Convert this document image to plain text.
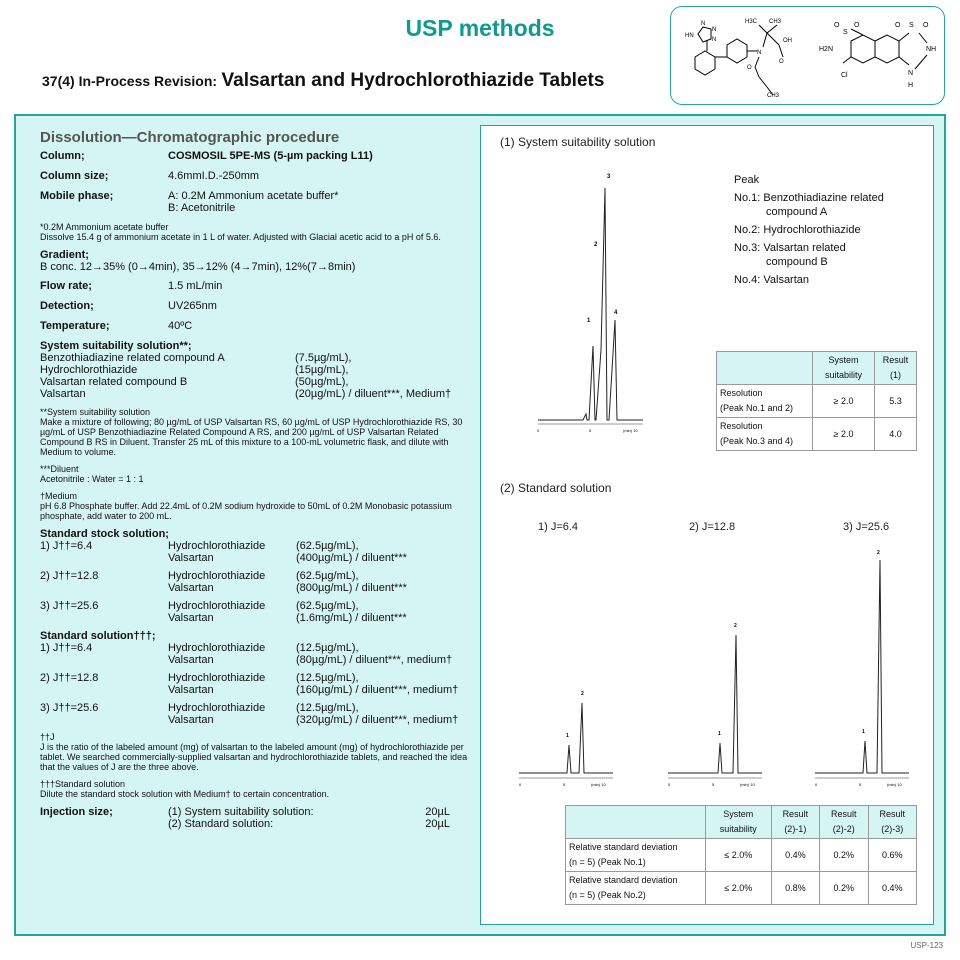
USP methods
37(4) In-Process Revision: Valsartan and Hydrochlorothiazide Tablets
H3C CH3
OH
O
N
O
CH3
N
N
N
HN
O
S
O	O S O
H2N	NH
Cl	N
H
Dissolution—Chromatographic procedure
Column;	COSMOSIL 5PE-MS (5-µm packing L11)
Column size;	4.6mmI.D.-250mm
Mobile phase;	A: 0.2M Ammonium acetate buffer*
B: Acetonitrile
*0.2M Ammonium acetate buffer
Dissolve 15.4 g of ammonium acetate in 1 L of water. Adjusted with Glacial acetic acid to a pH of 5.6.
Gradient;
B conc. 12→35% (0→4min), 35→12% (4→7min), 12%(7→8min)
Flow rate;	1.5 mL/min
Detection;	UV265nm
Temperature;	40ºC
System suitability solution**;
Benzothiadiazine related compound A	(7.5µg/mL),
Hydrochlorothiazide	(15µg/mL),
Valsartan related compound B	(50µg/mL),
Valsartan	(20µg/mL) / diluent***, Medium†
**System suitability solution
Make a mixture of following; 80 µg/mL of USP Valsartan RS, 60 µg/mL of USP Hydrochlorothiazide RS, 30 µg/mL of USP Benzothiadiazine Related Compound A RS, and 200 µg/mL of USP Valsartan Related Compound B RS in Diluent. Transfer 25 mL of this mixture to a 100-mL volumetric flask, and dilute with Medium to volume.
***Diluent
Acetonitrile : Water = 1 : 1
†Medium
pH 6.8 Phosphate buffer. Add 22.4mL of 0.2M sodium hydroxide to 50mL of 0.2M Monobasic potassium phosphate, add water to 200 mL.
Standard stock solution;
1) J††=6.4	Hydrochlorothiazide	(62.5µg/mL),
Valsartan	(400µg/mL) / diluent***
2) J††=12.8	Hydrochlorothiazide	(62.5µg/mL),
Valsartan	(800µg/mL) / diluent***
3) J††=25.6	Hydrochlorothiazide	(62.5µg/mL),
Valsartan	(1.6mg/mL) / diluent***
Standard solution†††;
1) J††=6.4	Hydrochlorothiazide	(12.5µg/mL),
Valsartan	(80µg/mL) / diluent***, medium†
2) J††=12.8	Hydrochlorothiazide	(12.5µg/mL),
Valsartan	(160µg/mL) / diluent***, medium†
3) J††=25.6	Hydrochlorothiazide	(12.5µg/mL),
Valsartan	(320µg/mL) / diluent***, medium†
††J
J is the ratio of the labeled amount (mg) of valsartan to the labeled amount (mg) of hydrochlorothiazide per tablet. We searched commercially-supplied valsartan and hydrochlorothiazide tablets, and reached the idea that the values of J are the three above.
†††Standard solution
Dilute the standard stock solution with Medium† to certain concentration.
Injection size;	(1) System suitability solution:	20µL
(2) Standard solution:	20µL
(1) System suitability solution
1
2
3
4
0	5	(min) 10
Peak
No.1: Benzothiadiazine related
compound A
No.2: Hydrochlorothiazide
No.3: Valsartan related
compound B
No.4: Valsartan
	System
suitability	Result
(1)
Resolution
(Peak No.1 and 2)	≥ 2.0	5.3
Resolution
(Peak No.3 and 4)	≥ 2.0	4.0
(2) Standard solution
1) J=6.4	2) J=12.8	3) J=25.6
1
2
0	5	(min) 10
1
2
0	5	(min) 10
1
2
0	5	(min) 10
	System
suitability	Result
(2)-1)	Result
(2)-2)	Result
(2)-3)
Relative standard deviation
(n = 5) (Peak No.1)	≤ 2.0%	0.4%	0.2%	0.6%
Relative standard deviation
(n = 5) (Peak No.2)	≤ 2.0%	0.8%	0.2%	0.4%
USP-123
